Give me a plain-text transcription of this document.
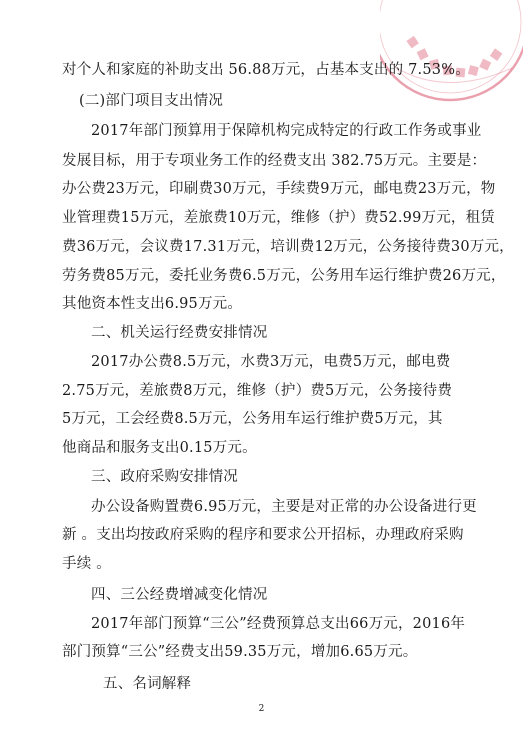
对个人和家庭的补助支出 56.88万元，占基本支出的 7.53%。
(二)部门项目支出情况
2017年部门预算用于保障机构完成特定的行政工作务或事业
发展目标，用于专项业务工作的经费支出 382.75万元。主要是：
办公费23万元，印刷费30万元，手续费9万元，邮电费23万元，物
业管理费15万元，差旅费10万元，维修（护）费52.99万元，租赁
费36万元，会议费17.31万元，培训费12万元，公务接待费30万元，
劳务费85万元，委托业务费6.5万元，公务用车运行维护费26万元，
其他资本性支出6.95万元。
二、机关运行经费安排情况
2017办公费8.5万元，水费3万元，电费5万元，邮电费
2.75万元，差旅费8万元，维修（护）费5万元，公务接待费
5万元，工会经费8.5万元，公务用车运行维护费5万元，其
他商品和服务支出0.15万元。
三、政府采购安排情况
办公设备购置费6.95万元，主要是对正常的办公设备进行更
新 。支出均按政府采购的程序和要求公开招标，办理政府采购
手续 。
四、三公经费增减变化情况
2017年部门预算“三公”经费预算总支出66万元，2016年
部门预算“三公”经费支出59.35万元，增加6.65万元。
五、名词解释
2
